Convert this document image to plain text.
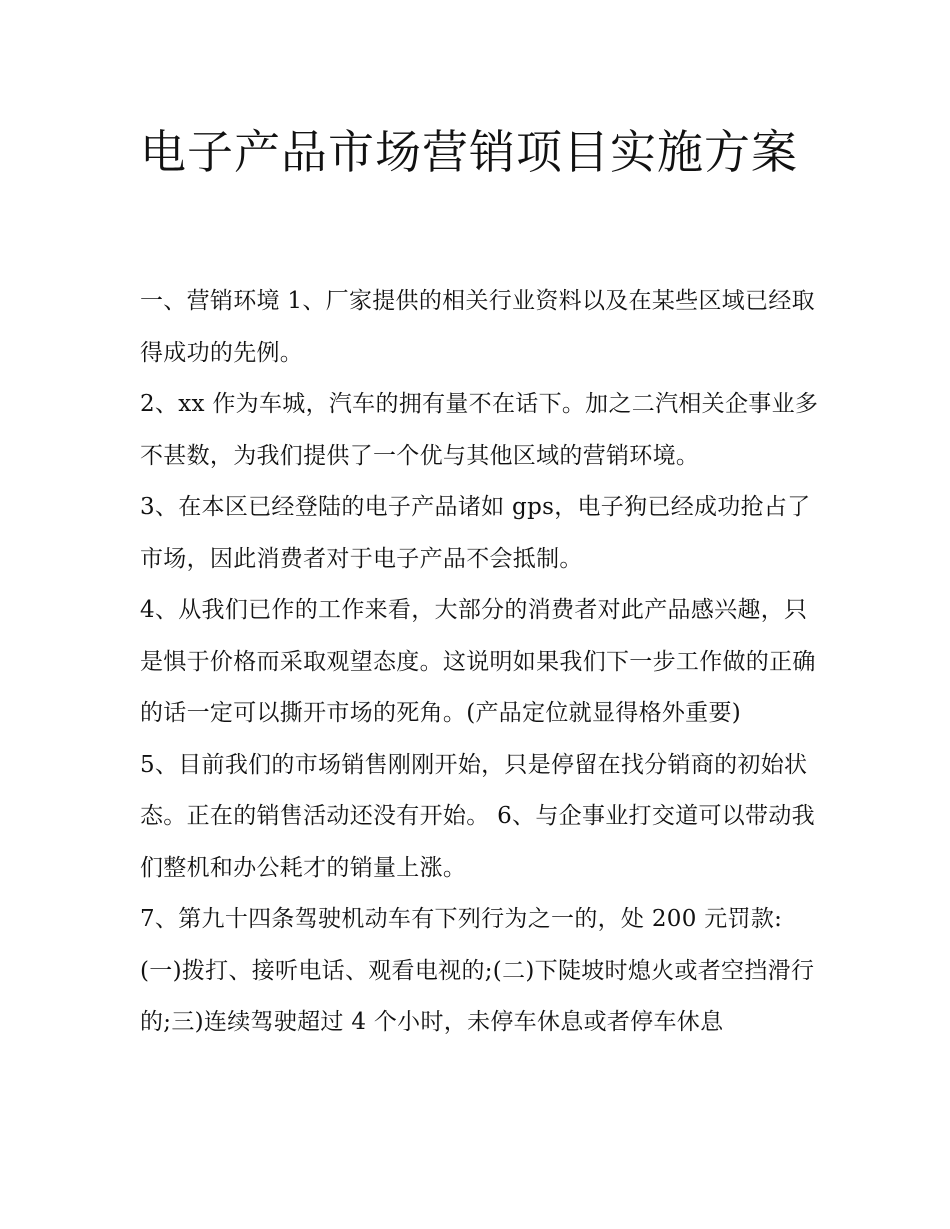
电子产品市场营销项目实施方案

一、营销环境 1、厂家提供的相关行业资料以及在某些区域已经取得成功的先例。

2、xx 作为车城，汽车的拥有量不在话下。加之二汽相关企事业多不甚数，为我们提供了一个优与其他区域的营销环境。

3、在本区已经登陆的电子产品诸如 gps，电子狗已经成功抢占了市场，因此消费者对于电子产品不会抵制。

4、从我们已作的工作来看，大部分的消费者对此产品感兴趣，只是惧于价格而采取观望态度。这说明如果我们下一步工作做的正确的话一定可以撕开市场的死角。(产品定位就显得格外重要)

5、目前我们的市场销售刚刚开始，只是停留在找分销商的初始状态。正在的销售活动还没有开始。 6、与企事业打交道可以带动我们整机和办公耗才的销量上涨。

7、第九十四条驾驶机动车有下列行为之一的，处 200 元罚款:(一)拨打、接听电话、观看电视的;(二)下陡坡时熄火或者空挡滑行的;三)连续驾驶超过 4 个小时，未停车休息或者停车休息
